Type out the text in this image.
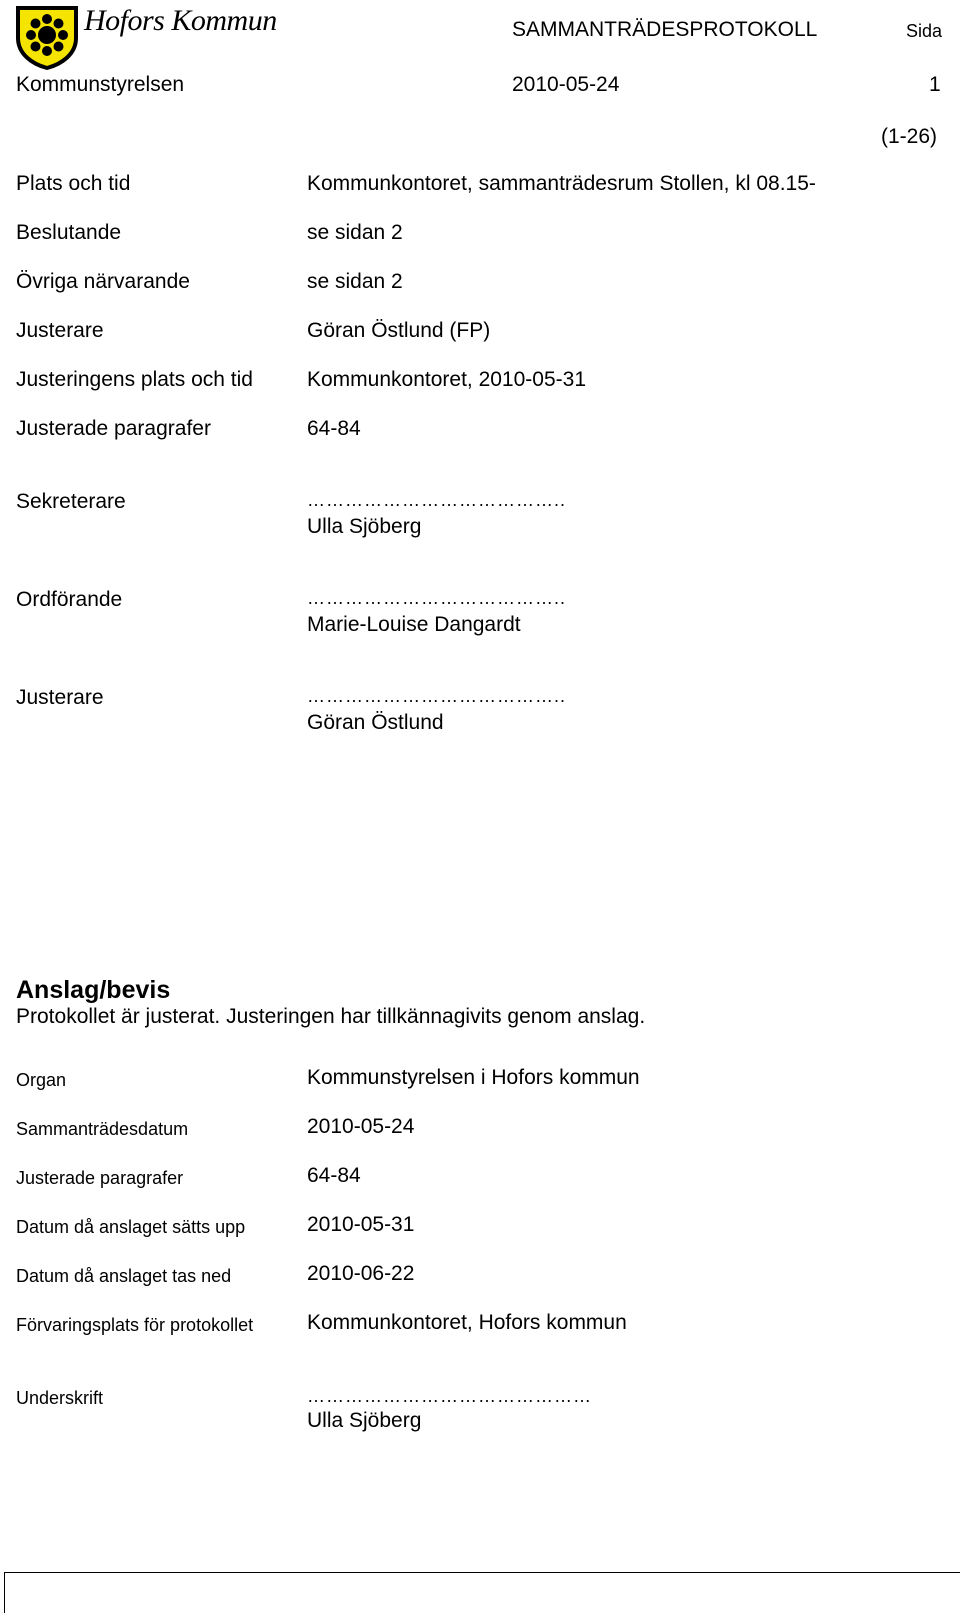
Hofors Kommun	SAMMANTRÄDESPROTOKOLL	Sida
Kommunstyrelsen	2010-05-24	1
(1-26)
Plats och tid	Kommunkontoret, sammanträdesrum Stollen, kl 08.15-
Beslutande	se sidan 2
Övriga närvarande	se sidan 2
Justerare	Göran Östlund (FP)
Justeringens plats och tid	Kommunkontoret, 2010-05-31
Justerade paragrafer	64-84
Sekreterare	…………………………………..
Ulla Sjöberg
Ordförande	…………………………………..
Marie-Louise Dangardt
Justerare	…………………………………..
Göran Östlund
Anslag/bevis
Protokollet är justerat. Justeringen har tillkännagivits genom anslag.
Organ	Kommunstyrelsen i Hofors kommun
Sammanträdesdatum	2010-05-24
Justerade paragrafer	64-84
Datum då anslaget sätts upp	2010-05-31
Datum då anslaget tas ned	2010-06-22
Förvaringsplats för protokollet	Kommunkontoret, Hofors kommun
Underskrift	………………………………………
Ulla Sjöberg
